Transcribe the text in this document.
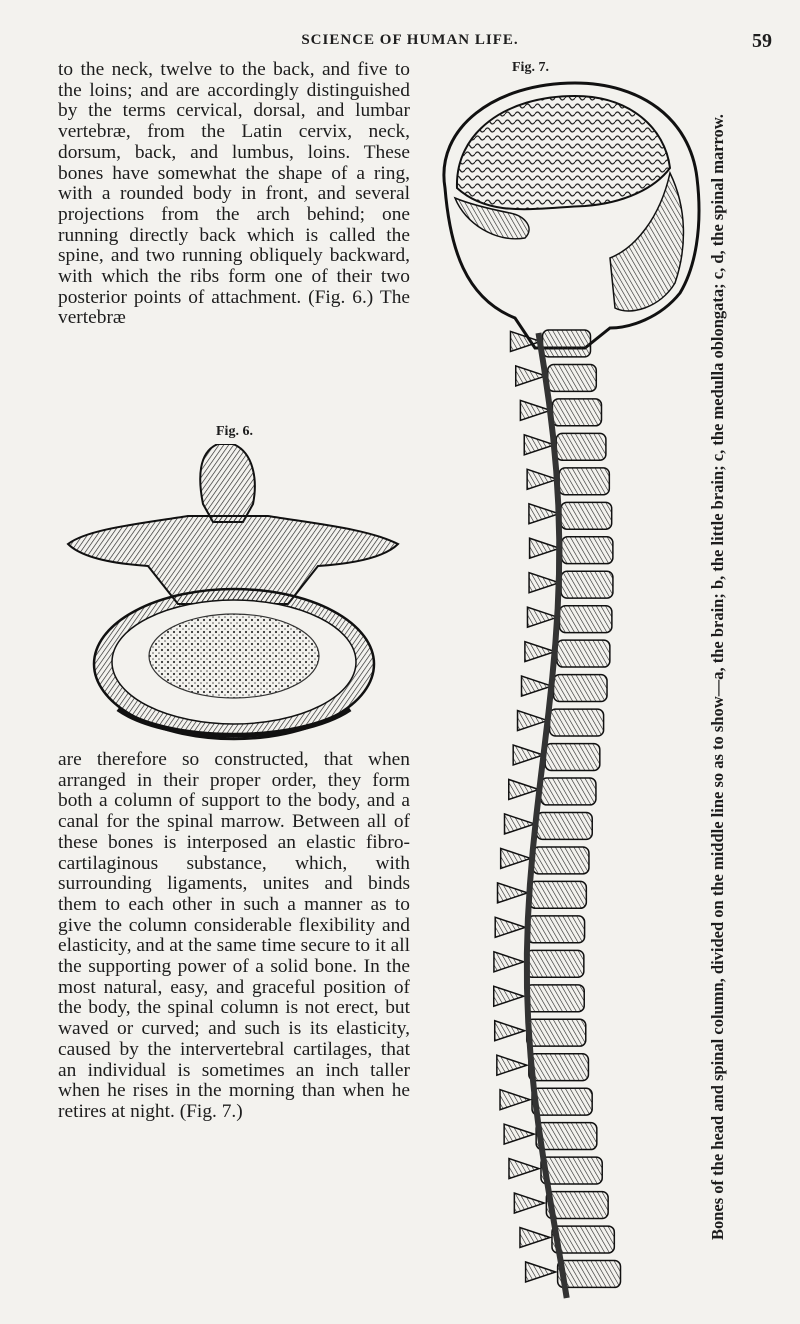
SCIENCE OF HUMAN LIFE.	59
to the neck, twelve to the back, and five to the loins; and are accordingly distinguished by the terms cervical, dorsal, and lumbar vertebræ, from the Latin cervix, neck, dorsum, back, and lumbus, loins. These bones have somewhat the shape of a ring, with a rounded body in front, and several projections from the arch behind; one running directly back which is called the spine, and two running obliquely backward, with which the ribs form one of their two posterior points of attachment. (Fig. 6.) The vertebræ
Fig. 6.
are therefore so constructed, that when arranged in their proper order, they form both a column of support to the body, and a canal for the spinal marrow. Between all of these bones is interposed an elastic fibro-cartilaginous substance, which, with surrounding ligaments, unites and binds them to each other in such a manner as to give the column considerable flexibility and elasticity, and at the same time secure to it all the supporting power of a solid bone. In the most natural, easy, and graceful position of the body, the spinal column is not erect, but waved or curved; and such is its elasticity, caused by the intervertebral cartilages, that an individual is sometimes an inch taller when he rises in the morning than when he retires at night. (Fig. 7.)
Fig. 7.
Bones of the head and spinal column, divided on the middle line so as to show—a, the brain; b, the little brain; c, the medulla oblongata; c, d, the spinal marrow.
